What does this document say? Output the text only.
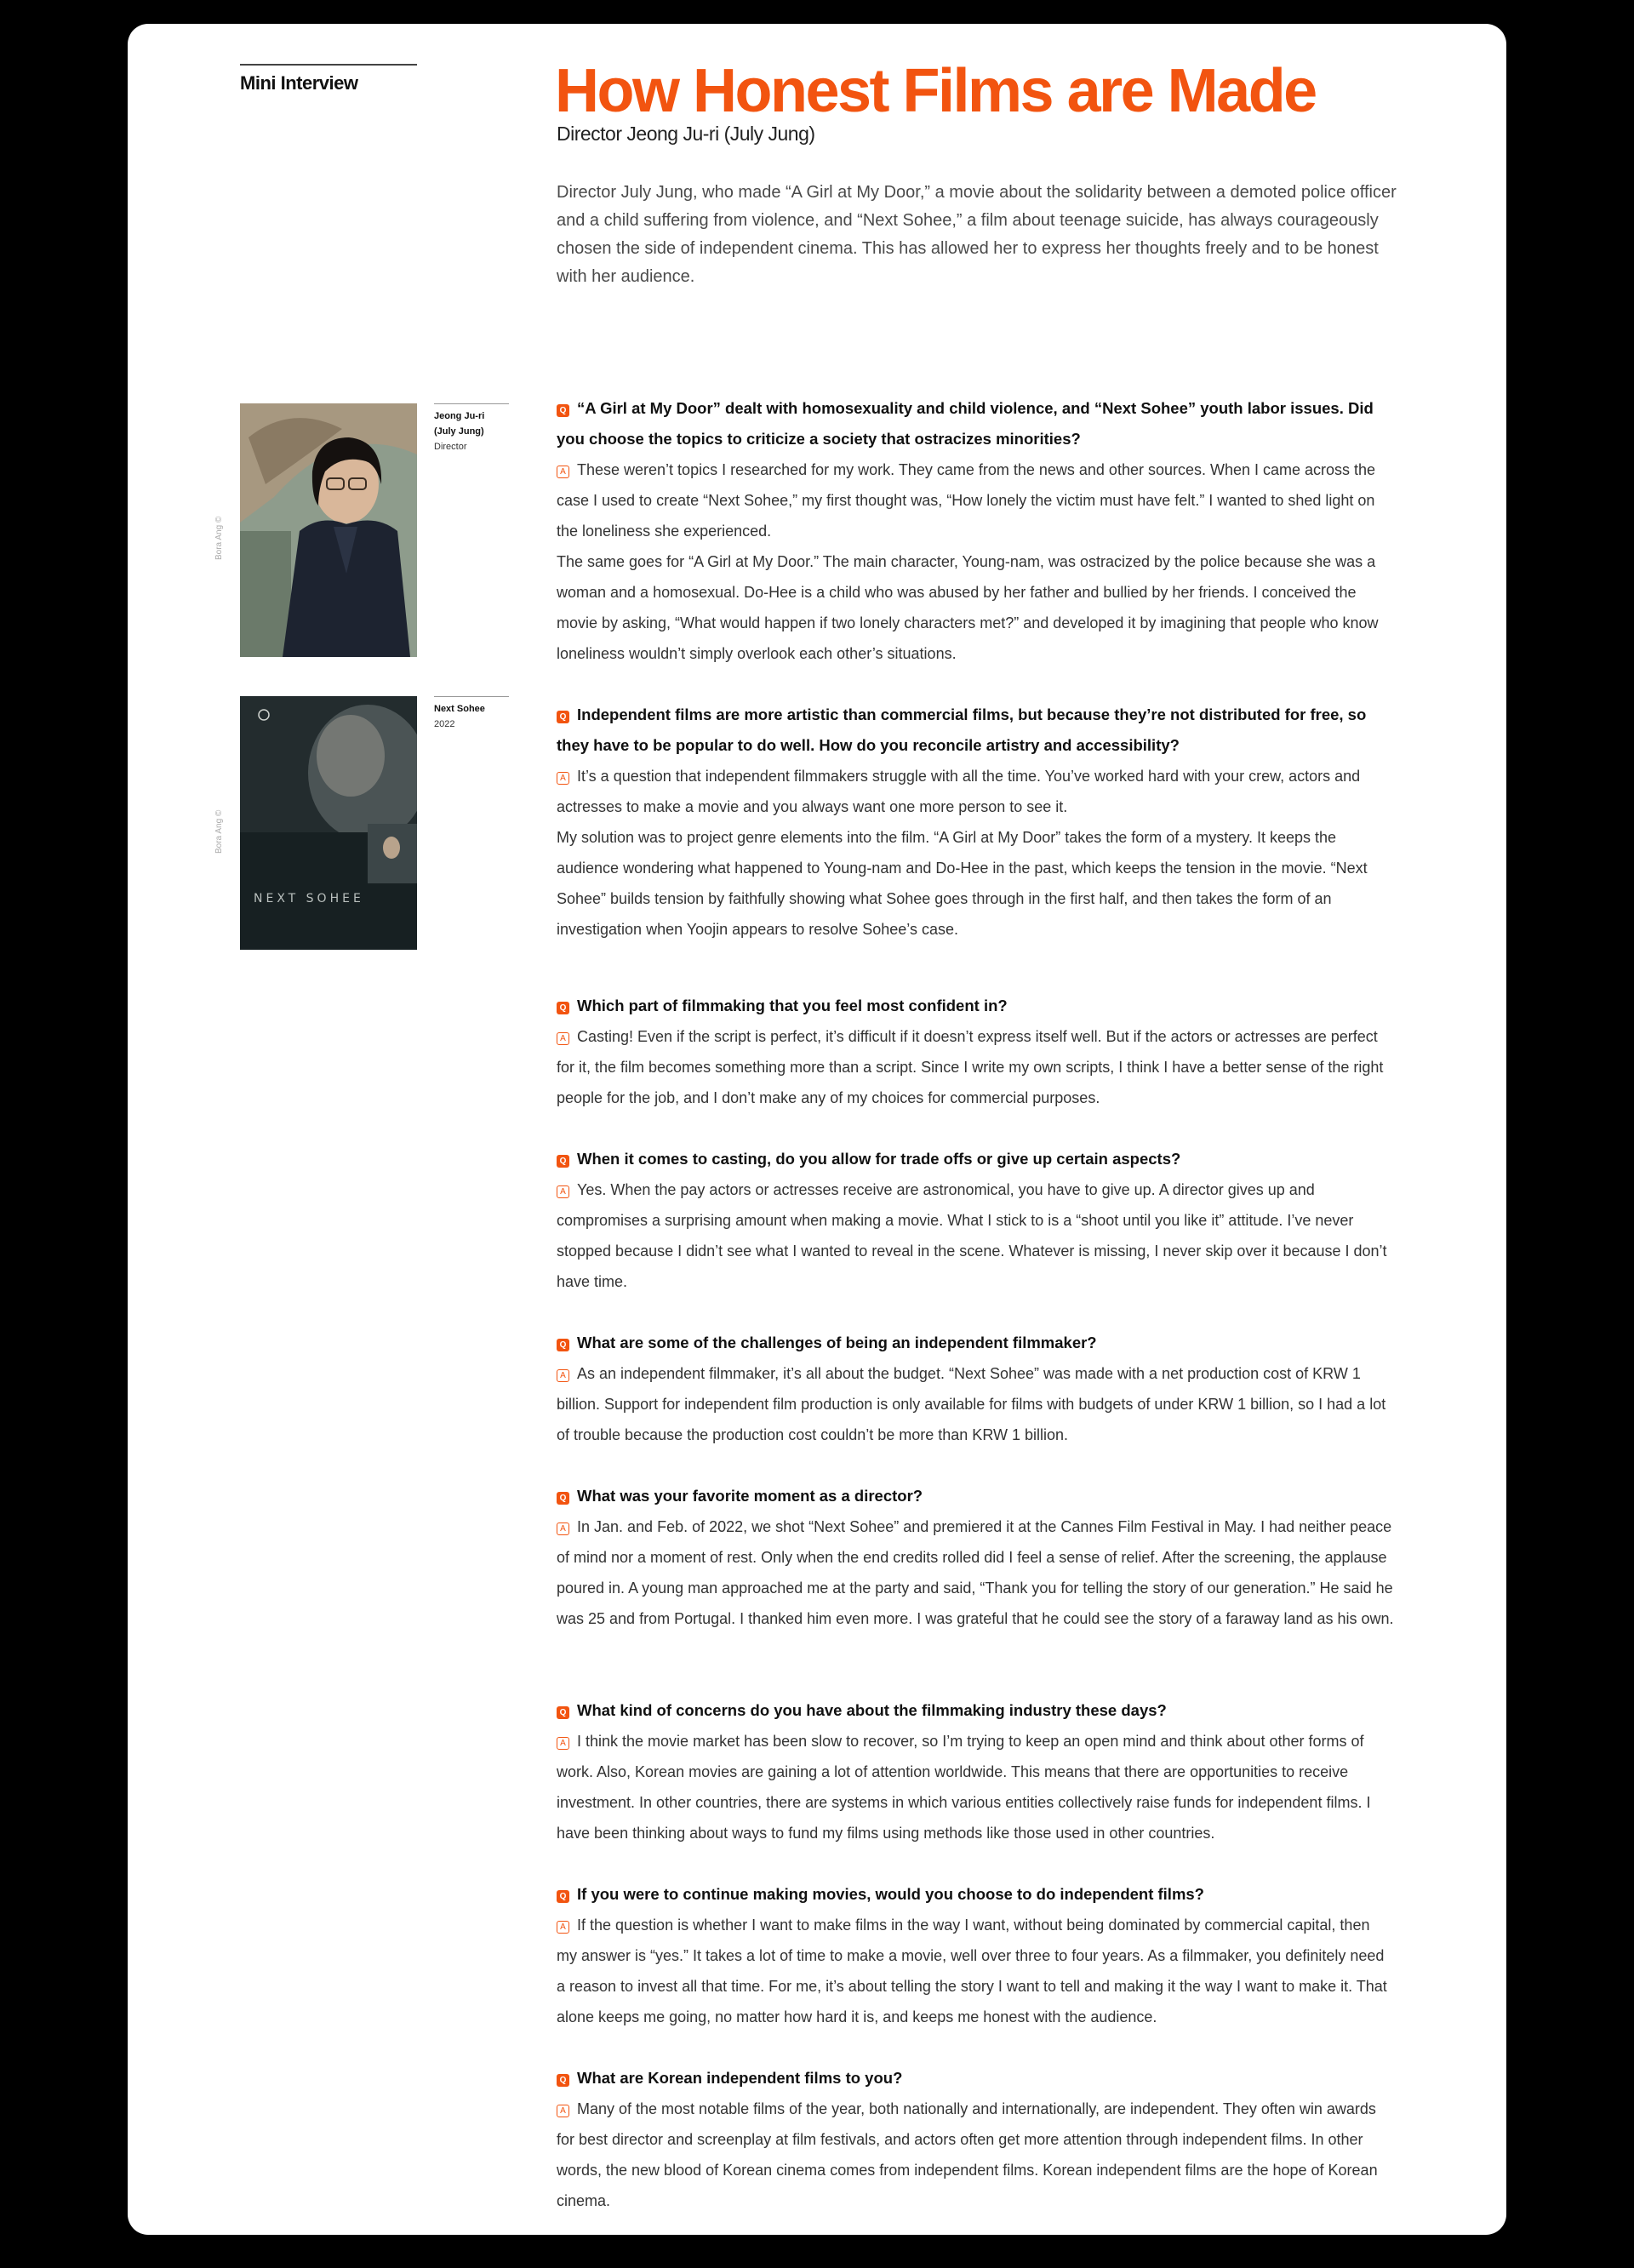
Mini Interview	How Honest Films are Made
Director Jeong Ju-ri (July Jung)

Director July Jung, who made “A Girl at My Door,” a movie about the solidarity between a demoted police officer and a child suffering from violence, and “Next Sohee,” a film about teenage suicide, has always courageously chosen the side of independent cinema. This has allowed her to express her thoughts freely and to be honest with her audience.

Bora Ang ©
Jeong Ju-ri (July Jung)
Director
NEXT SOHEE
Bora Ang ©
Next Sohee
2022

Q “A Girl at My Door” dealt with homosexuality and child violence, and “Next Sohee” youth labor issues. Did you choose the topics to criticize a society that ostracizes minorities?

A These weren’t topics I researched for my work. They came from the news and other sources. When I came across the case I used to create “Next Sohee,” my first thought was, “How lonely the victim must have felt.” I wanted to shed light on the loneliness she experienced.

The same goes for “A Girl at My Door.” The main character, Young-nam, was ostracized by the police because she was a woman and a homosexual. Do-Hee is a child who was abused by her father and bullied by her friends. I conceived the movie by asking, “What would happen if two lonely characters met?” and developed it by imagining that people who know loneliness wouldn’t simply overlook each other’s situations.

Q Independent films are more artistic than commercial films, but because they’re not distributed for free, so they have to be popular to do well. How do you reconcile artistry and accessibility?

A It’s a question that independent filmmakers struggle with all the time. You’ve worked hard with your crew, actors and actresses to make a movie and you always want one more person to see it.

My solution was to project genre elements into the film. “A Girl at My Door” takes the form of a mystery. It keeps the audience wondering what happened to Young-nam and Do-Hee in the past, which keeps the tension in the movie. “Next Sohee” builds tension by faithfully showing what Sohee goes through in the first half, and then takes the form of an investigation when Yoojin appears to resolve Sohee’s case.

Q Which part of filmmaking that you feel most confident in?

A Casting! Even if the script is perfect, it’s difficult if it doesn’t express itself well. But if the actors or actresses are perfect for it, the film becomes something more than a script. Since I write my own scripts, I think I have a better sense of the right people for the job, and I don’t make any of my choices for commercial purposes.

Q When it comes to casting, do you allow for trade offs or give up certain aspects?

A Yes. When the pay actors or actresses receive are astronomical, you have to give up. A director gives up and compromises a surprising amount when making a movie. What I stick to is a “shoot until you like it” attitude. I’ve never stopped because I didn’t see what I wanted to reveal in the scene. Whatever is missing, I never skip over it because I don’t have time.

Q What are some of the challenges of being an independent filmmaker?

A As an independent filmmaker, it’s all about the budget. “Next Sohee” was made with a net production cost of KRW 1 billion. Support for independent film production is only available for films with budgets of under KRW 1 billion, so I had a lot of trouble because the production cost couldn’t be more than KRW 1 billion.

Q What was your favorite moment as a director?

A In Jan. and Feb. of 2022, we shot “Next Sohee” and premiered it at the Cannes Film Festival in May. I had neither peace of mind nor a moment of rest. Only when the end credits rolled did I feel a sense of relief. After the screening, the applause poured in. A young man approached me at the party and said, “Thank you for telling the story of our generation.” He said he was 25 and from Portugal. I thanked him even more. I was grateful that he could see the story of a faraway land as his own.

Q What kind of concerns do you have about the filmmaking industry these days?

A I think the movie market has been slow to recover, so I’m trying to keep an open mind and think about other forms of work. Also, Korean movies are gaining a lot of attention worldwide. This means that there are opportunities to receive investment. In other countries, there are systems in which various entities collectively raise funds for independent films. I have been thinking about ways to fund my films using methods like those used in other countries.

Q If you were to continue making movies, would you choose to do independent films?

A If the question is whether I want to make films in the way I want, without being dominated by commercial capital, then my answer is “yes.” It takes a lot of time to make a movie, well over three to four years. As a filmmaker, you definitely need a reason to invest all that time. For me, it’s about telling the story I want to tell and making it the way I want to make it. That alone keeps me going, no matter how hard it is, and keeps me honest with the audience.

Q What are Korean independent films to you?

A Many of the most notable films of the year, both nationally and internationally, are independent. They often win awards for best director and screenplay at film festivals, and actors often get more attention through independent films. In other words, the new blood of Korean cinema comes from independent films. Korean independent films are the hope of Korean cinema.
